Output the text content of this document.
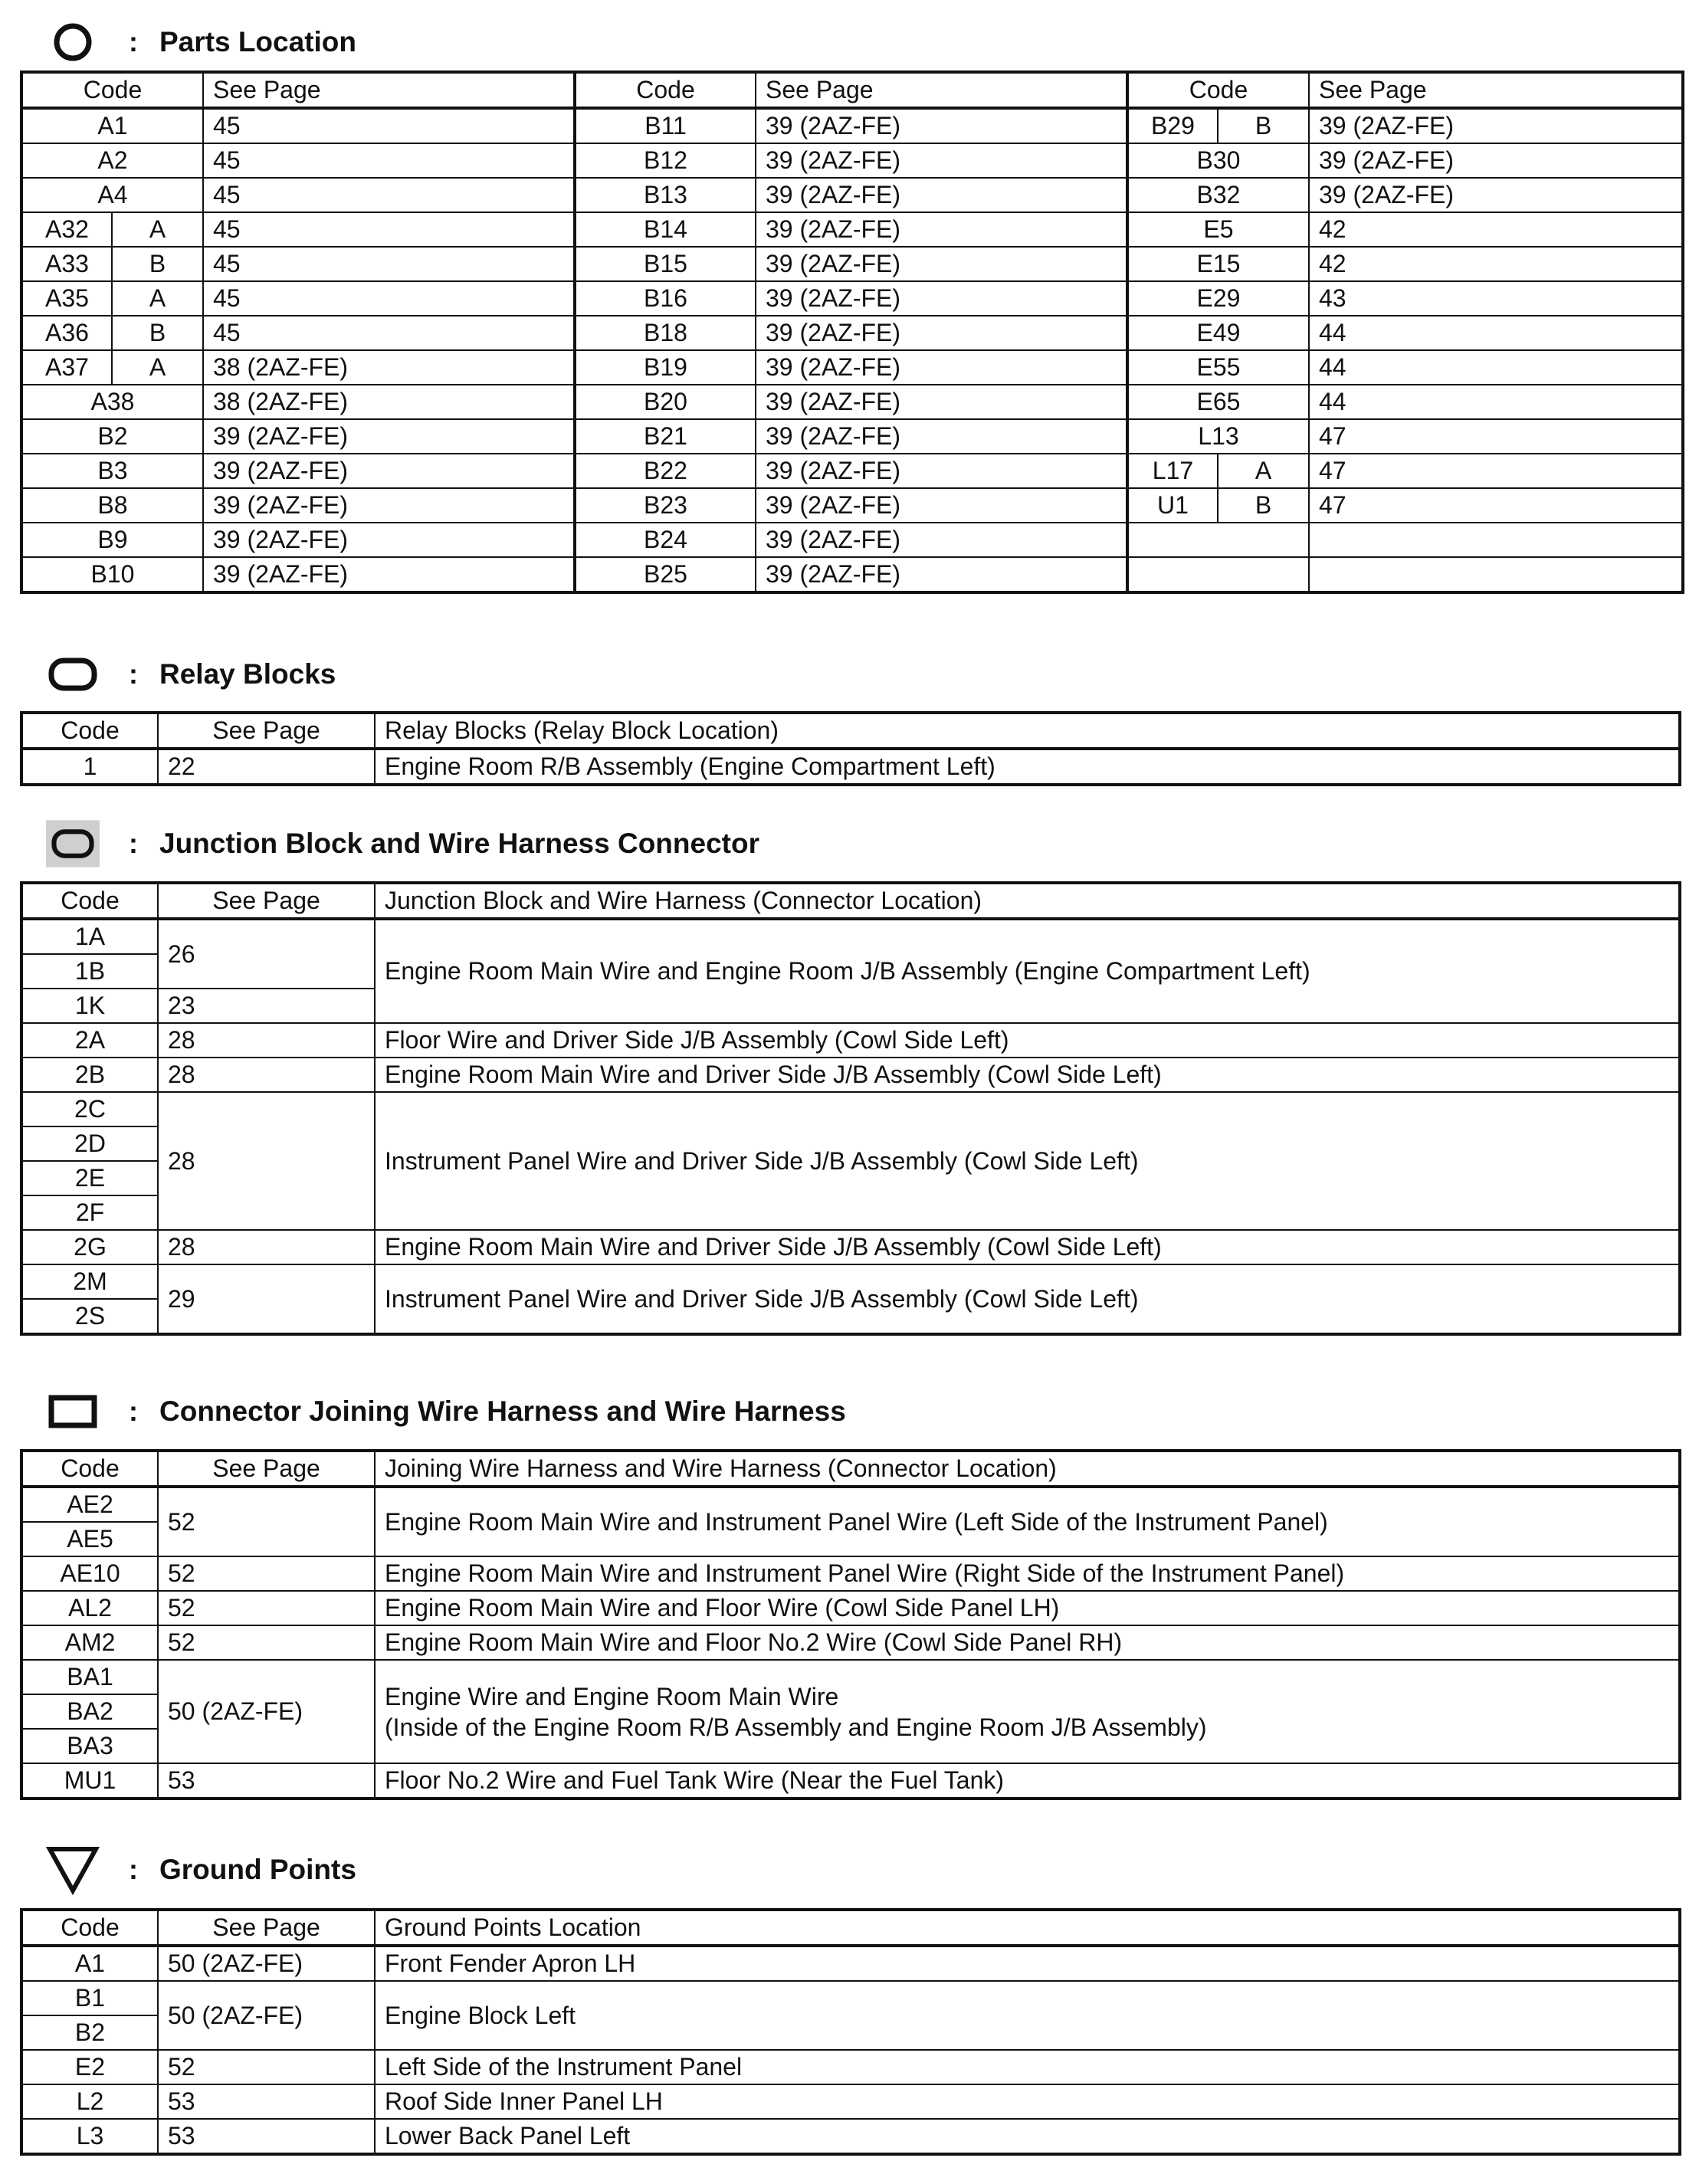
: Parts Location
Code		See Page	Code	See Page	Code		See Page
A1		45	B11	39 (2AZ-FE)	B29	B	39 (2AZ-FE)
A2		45	B12	39 (2AZ-FE)	B30		39 (2AZ-FE)
A4		45	B13	39 (2AZ-FE)	B32		39 (2AZ-FE)
A32	A	45	B14	39 (2AZ-FE)	E5		42
A33	B	45	B15	39 (2AZ-FE)	E15		42
A35	A	45	B16	39 (2AZ-FE)	E29		43
A36	B	45	B18	39 (2AZ-FE)	E49		44
A37	A	38 (2AZ-FE)	B19	39 (2AZ-FE)	E55		44
A38		38 (2AZ-FE)	B20	39 (2AZ-FE)	E65		44
B2		39 (2AZ-FE)	B21	39 (2AZ-FE)	L13		47
B3		39 (2AZ-FE)	B22	39 (2AZ-FE)	L17	A	47
B8		39 (2AZ-FE)	B23	39 (2AZ-FE)	U1	B	47
B9		39 (2AZ-FE)	B24	39 (2AZ-FE)			
B10		39 (2AZ-FE)	B25	39 (2AZ-FE)			
: Relay Blocks
Code	See Page	Relay Blocks (Relay Block Location)
1	22	Engine Room R/B Assembly (Engine Compartment Left)
: Junction Block and Wire Harness Connector
Code	See Page	Junction Block and Wire Harness (Connector Location)
1A	26	Engine Room Main Wire and Engine Room J/B Assembly (Engine Compartment Left)
1B		
1K	23	
2A	28	Floor Wire and Driver Side J/B Assembly (Cowl Side Left)
2B	28	Engine Room Main Wire and Driver Side J/B Assembly (Cowl Side Left)
2C	28	Instrument Panel Wire and Driver Side J/B Assembly (Cowl Side Left)
2D		
2E		
2F		
2G	28	Engine Room Main Wire and Driver Side J/B Assembly (Cowl Side Left)
2M	29	Instrument Panel Wire and Driver Side J/B Assembly (Cowl Side Left)
2S		
: Connector Joining Wire Harness and Wire Harness
Code	See Page	Joining Wire Harness and Wire Harness (Connector Location)
AE2	52	Engine Room Main Wire and Instrument Panel Wire (Left Side of the Instrument Panel)
AE5		
AE10	52	Engine Room Main Wire and Instrument Panel Wire (Right Side of the Instrument Panel)
AL2	52	Engine Room Main Wire and Floor Wire (Cowl Side Panel LH)
AM2	52	Engine Room Main Wire and Floor No.2 Wire (Cowl Side Panel RH)
BA1	50 (2AZ-FE)	Engine Wire and Engine Room Main Wire
(Inside of the Engine Room R/B Assembly and Engine Room J/B Assembly)
BA2		
BA3		
MU1	53	Floor No.2 Wire and Fuel Tank Wire (Near the Fuel Tank)
: Ground Points
Code	See Page	Ground Points Location
A1	50 (2AZ-FE)	Front Fender Apron LH
B1	50 (2AZ-FE)	Engine Block Left
B2		
E2	52	Left Side of the Instrument Panel
L2	53	Roof Side Inner Panel LH
L3	53	Lower Back Panel Left
